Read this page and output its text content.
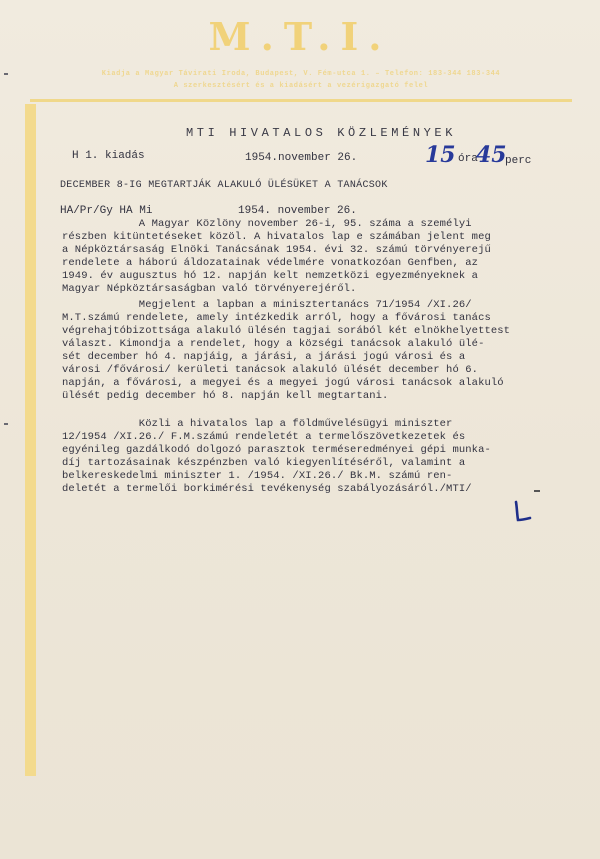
M.T.I.
Kiadja a Magyar Távirati Iroda, Budapest, V. Fém-utca 1. – Telefon: 183-344 183-344
A szerkesztésért és a kiadásért a vezérigazgató felel
MTI HIVATALOS KÖZLEMÉNYEK
H 1. kiadás	1954.november 26.	15 óra
45
perc
DECEMBER 8-IG MEGTARTJÁK ALAKULÓ ÜLÉSÜKET A TANÁCSOK
HA/Pr/Gy HA Mi	1954. november 26.
A Magyar Közlöny november 26-i, 95. száma a személyi
részben kitüntetéseket közöl. A hivatalos lap e számában jelent meg
a Népköztársaság Elnöki Tanácsának 1954. évi 32. számú törvényerejű
rendelete a háború áldozatainak védelmére vonatkozóan Genfben, az
1949. év augusztus hó 12. napján kelt nemzetközi egyezményeknek a
Magyar Népköztársaságban való törvényerejéről.
Megjelent a lapban a minisztertanács 71/1954 /XI.26/
M.T.számú rendelete, amely intézkedik arról, hogy a fővárosi tanács
végrehajtóbizottsága alakuló ülésén tagjai sorából két elnökhelyettest
választ. Kimondja a rendelet, hogy a községi tanácsok alakuló ülé-
sét december hó 4. napjáig, a járási, a járási jogú városi és a
városi /fővárosi/ kerületi tanácsok alakuló ülését december hó 6.
napján, a fővárosi, a megyei és a megyei jogú városi tanácsok alakuló
ülését pedig december hó 8. napján kell megtartani.
Közli a hivatalos lap a földművelésügyi miniszter
12/1954 /XI.26./ F.M.számú rendeletét a termelőszövetkezetek és
egyénileg gazdálkodó dolgozó parasztok terméseredményei gépi munka-
díj tartozásainak készpénzben való kiegyenlítéséről, valamint a
belkereskedelmi miniszter 1. /1954. /XI.26./ Bk.M. számú ren-
deletét a termelői borkimérési tevékenység szabályozásáról./MTI/
